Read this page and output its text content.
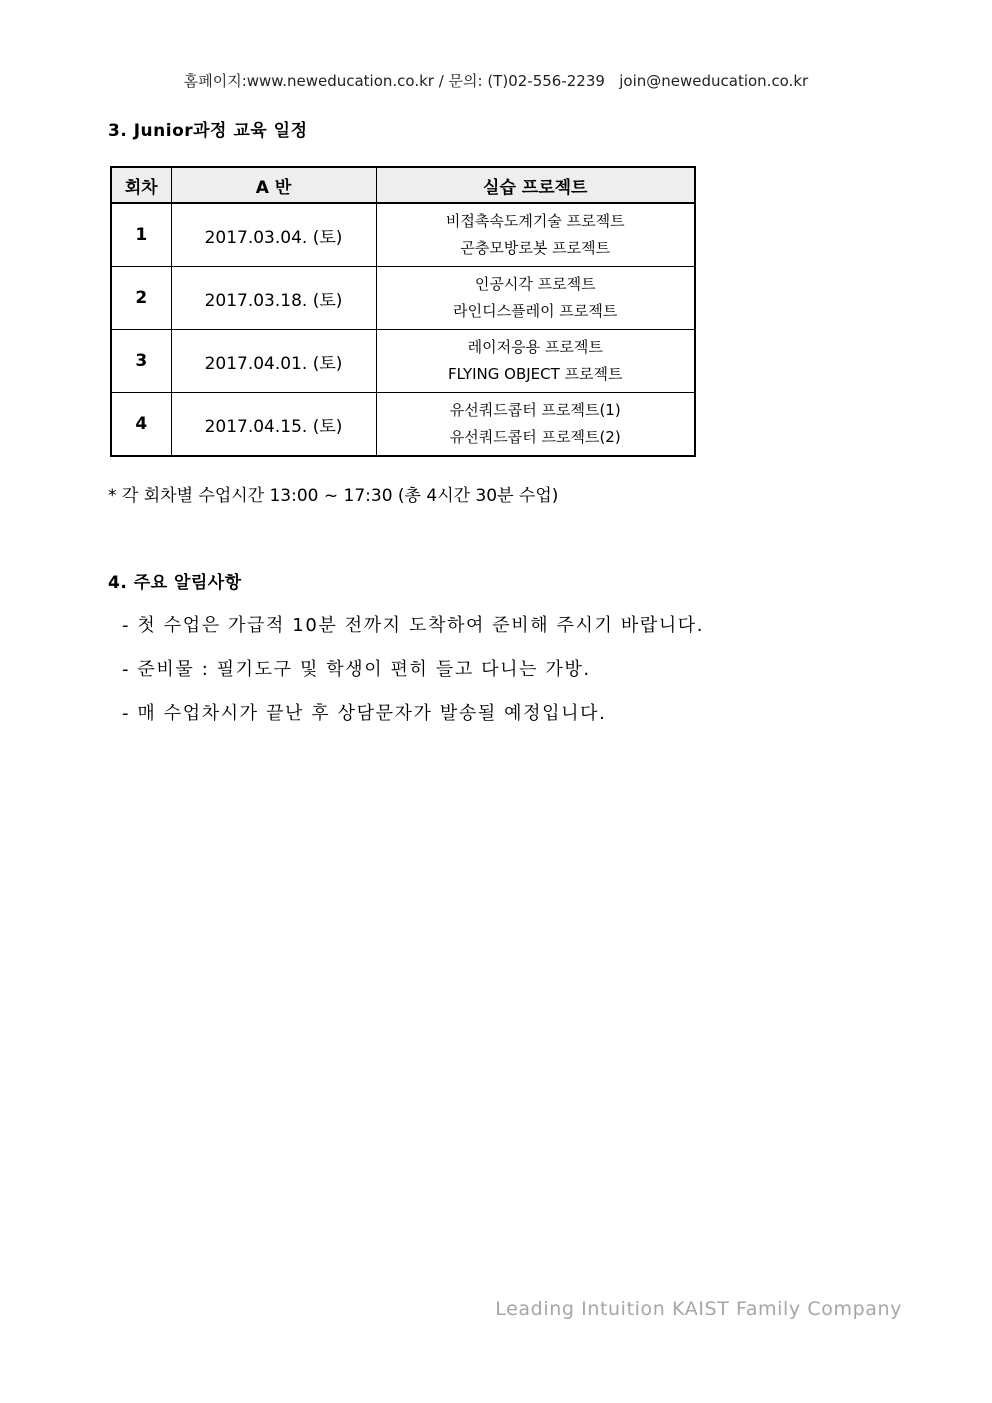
홈페이지:www.neweducation.co.kr / 문의: (T)02-556-2239   join@neweducation.co.kr
3. Junior과정 교육 일정
회차	A 반	실습 프로젝트
1	2017.03.04. (토)	비접촉속도계기술 프로젝트
곤충모방로봇 프로젝트

2	2017.03.18. (토)	인공시각 프로젝트
라인디스플레이 프로젝트

3	2017.04.01. (토)	레이저응용 프로젝트
FLYING OBJECT 프로젝트

4	2017.04.15. (토)	유선쿼드콥터 프로젝트(1)
유선쿼드콥터 프로젝트(2)
* 각 회차별 수업시간 13:00 ~ 17:30 (총 4시간 30분 수업)
4. 주요 알림사항
- 첫 수업은 가급적 10분 전까지 도착하여 준비해 주시기 바랍니다.
- 준비물 : 필기도구 및 학생이 편히 들고 다니는 가방.
- 매 수업차시가 끝난 후 상담문자가 발송될 예정입니다.
Leading Intuition KAIST Family Company
